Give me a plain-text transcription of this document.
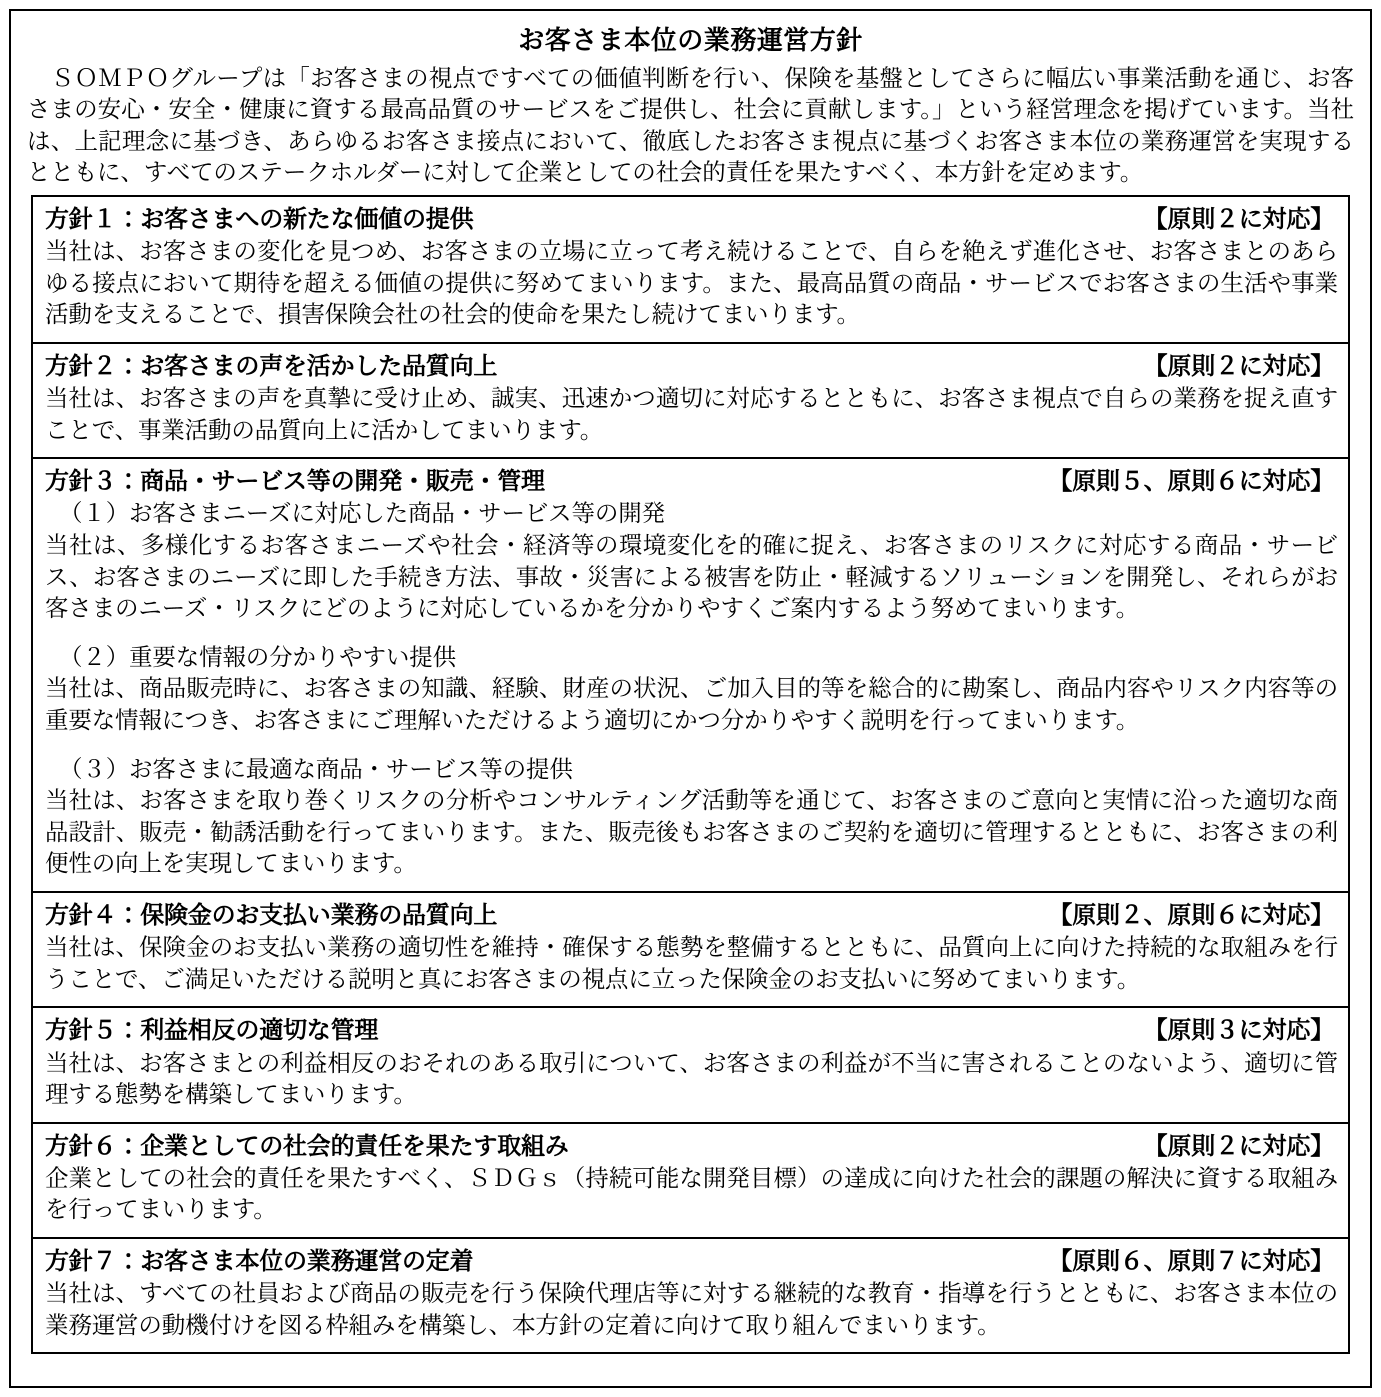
お客さま本位の業務運営方針
　ＳＯＭＰＯグループは「お客さまの視点ですべての価値判断を行い、保険を基盤としてさらに幅広い事業活動を通じ、お客さまの安心・安全・健康に資する最高品質のサービスをご提供し、社会に貢献します。」という経営理念を掲げています。当社は、上記理念に基づき、あらゆるお客さま接点において、徹底したお客さま視点に基づくお客さま本位の業務運営を実現するとともに、すべてのステークホルダーに対して企業としての社会的責任を果たすべく、本方針を定めます。
方針１：お客さまへの新たな価値の提供	【原則２に対応】
当社は、お客さまの変化を見つめ、お客さまの立場に立って考え続けることで、自らを絶えず進化させ、お客さまとのあらゆる接点において期待を超える価値の提供に努めてまいります。また、最高品質の商品・サービスでお客さまの生活や事業活動を支えることで、損害保険会社の社会的使命を果たし続けてまいります。
方針２：お客さまの声を活かした品質向上	【原則２に対応】
当社は、お客さまの声を真摯に受け止め、誠実、迅速かつ適切に対応するとともに、お客さま視点で自らの業務を捉え直すことで、事業活動の品質向上に活かしてまいります。
方針３：商品・サービス等の開発・販売・管理	【原則５、原則６に対応】
（１）お客さまニーズに対応した商品・サービス等の開発
当社は、多様化するお客さまニーズや社会・経済等の環境変化を的確に捉え、お客さまのリスクに対応する商品・サービス、お客さまのニーズに即した手続き方法、事故・災害による被害を防止・軽減するソリューションを開発し、それらがお客さまのニーズ・リスクにどのように対応しているかを分かりやすくご案内するよう努めてまいります。
（２）重要な情報の分かりやすい提供
当社は、商品販売時に、お客さまの知識、経験、財産の状況、ご加入目的等を総合的に勘案し、商品内容やリスク内容等の重要な情報につき、お客さまにご理解いただけるよう適切にかつ分かりやすく説明を行ってまいります。
（３）お客さまに最適な商品・サービス等の提供
当社は、お客さまを取り巻くリスクの分析やコンサルティング活動等を通じて、お客さまのご意向と実情に沿った適切な商品設計、販売・勧誘活動を行ってまいります。また、販売後もお客さまのご契約を適切に管理するとともに、お客さまの利便性の向上を実現してまいります。
方針４：保険金のお支払い業務の品質向上	【原則２、原則６に対応】
当社は、保険金のお支払い業務の適切性を維持・確保する態勢を整備するとともに、品質向上に向けた持続的な取組みを行うことで、ご満足いただける説明と真にお客さまの視点に立った保険金のお支払いに努めてまいります。
方針５：利益相反の適切な管理	【原則３に対応】
当社は、お客さまとの利益相反のおそれのある取引について、お客さまの利益が不当に害されることのないよう、適切に管理する態勢を構築してまいります。
方針６：企業としての社会的責任を果たす取組み	【原則２に対応】
企業としての社会的責任を果たすべく、ＳＤＧｓ（持続可能な開発目標）の達成に向けた社会的課題の解決に資する取組みを行ってまいります。
方針７：お客さま本位の業務運営の定着	【原則６、原則７に対応】
当社は、すべての社員および商品の販売を行う保険代理店等に対する継続的な教育・指導を行うとともに、お客さま本位の業務運営の動機付けを図る枠組みを構築し、本方針の定着に向けて取り組んでまいります。
